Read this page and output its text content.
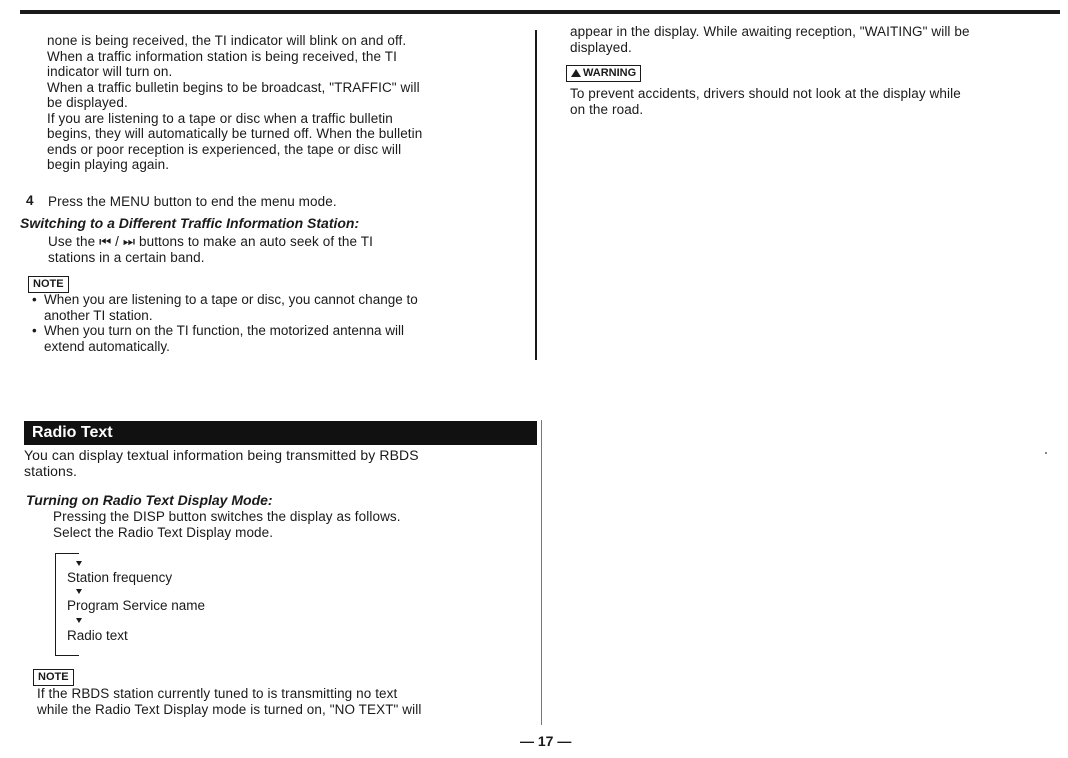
none is being received, the TI indicator will blink on and off.
When a traffic information station is being received, the TI
indicator will turn on.
When a traffic bulletin begins to be broadcast, "TRAFFIC" will
be displayed.
If you are listening to a tape or disc when a traffic bulletin
begins, they will automatically be turned off. When the bulletin
ends or poor reception is experienced, the tape or disc will
begin playing again.
4 Press the MENU button to end the menu mode.
Switching to a Different Traffic Information Station:
Use the ⏮ / ⏭ buttons to make an auto seek of the TI
stations in a certain band.
NOTE
• When you are listening to a tape or disc, you cannot change to
another TI station.
• When you turn on the TI function, the motorized antenna will
extend automatically.
appear in the display. While awaiting reception, "WAITING" will be
displayed.
WARNING
To prevent accidents, drivers should not look at the display while
on the road.
Radio Text
You can display textual information being transmitted by RBDS
stations.
Turning on Radio Text Display Mode:
Pressing the DISP button switches the display as follows.
Select the Radio Text Display mode.
Station frequency
Program Service name
Radio text
NOTE
If the RBDS station currently tuned to is transmitting no text
while the Radio Text Display mode is turned on, "NO TEXT" will
— 17 —
